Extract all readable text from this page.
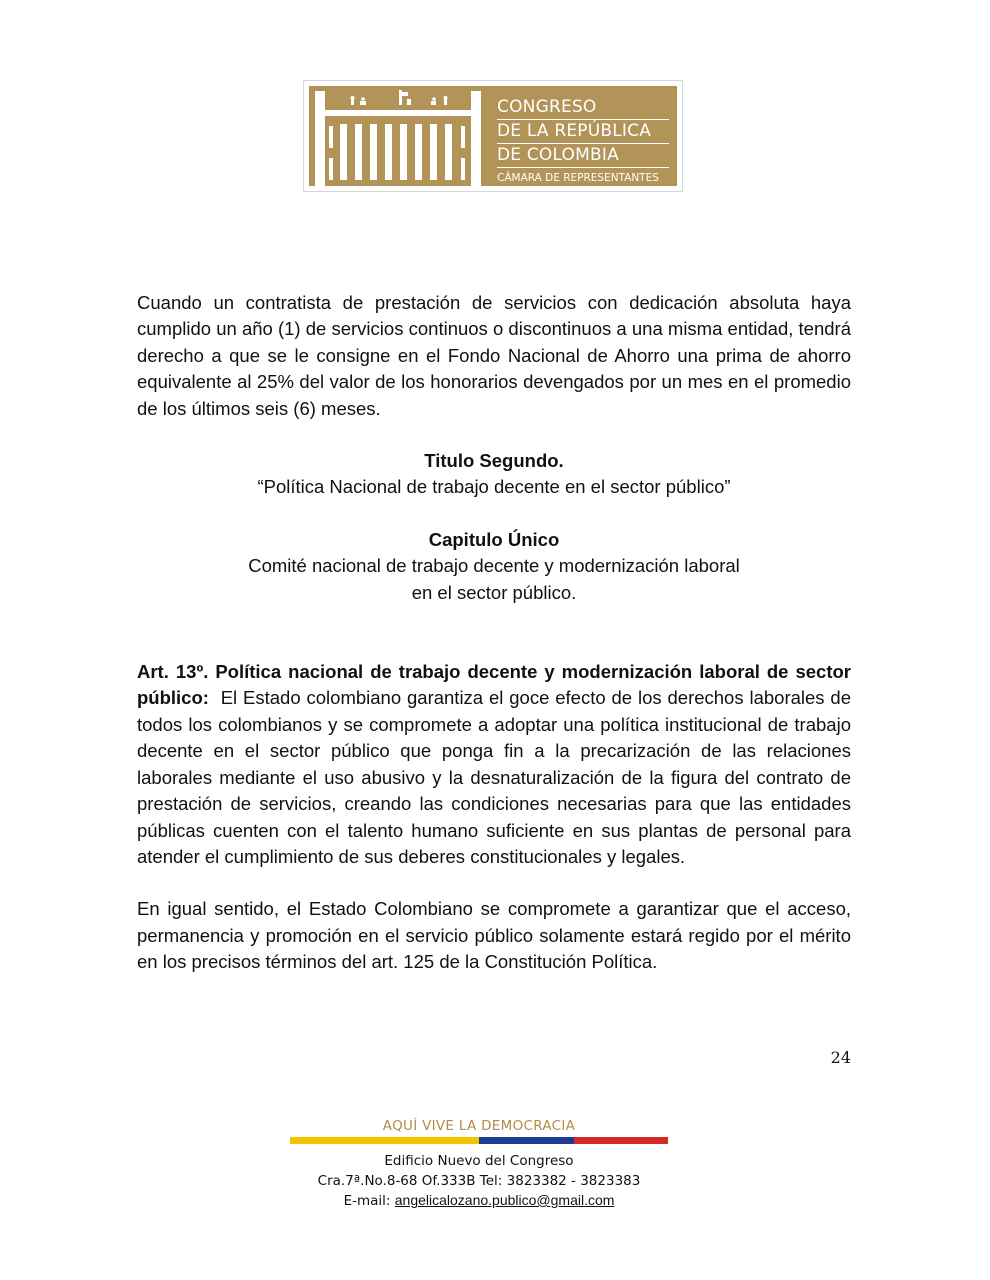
CONGRESO
DE LA REPÚBLICA
DE COLOMBIA
CÁMARA DE REPRESENTANTES

Cuando un contratista de prestación de servicios con dedicación absoluta haya cumplido un año (1) de servicios continuos o discontinuos a una misma entidad, tendrá derecho a que se le consigne en el Fondo Nacional de Ahorro una prima de ahorro equivalente al 25% del valor de los honorarios devengados por un mes en el promedio de los últimos seis (6) meses.

Titulo Segundo.
“Política Nacional de trabajo decente en el sector público”
Capitulo Único
Comité nacional de trabajo decente y modernización laboral
en el sector público.

Art. 13º. Política nacional de trabajo decente y modernización laboral de sector público: El Estado colombiano garantiza el goce efecto de los derechos laborales de todos los colombianos y se compromete a adoptar una política institucional de trabajo decente en el sector público que ponga fin a la precarización de las relaciones laborales mediante el uso abusivo y la desnaturalización de la figura del contrato de prestación de servicios, creando las condiciones necesarias para que las entidades públicas cuenten con el talento humano suficiente en sus plantas de personal para atender el cumplimiento de sus deberes constitucionales y legales.

En igual sentido, el Estado Colombiano se compromete a garantizar que el acceso, permanencia y promoción en el servicio público solamente estará regido por el mérito en los precisos términos del art. 125 de la Constitución Política.

24
AQUÍ VIVE LA DEMOCRACIA
Edificio Nuevo del Congreso
Cra.7ª.No.8-68 Of.333B Tel: 3823382 - 3823383
E-mail: angelicalozano.publico@gmail.com
